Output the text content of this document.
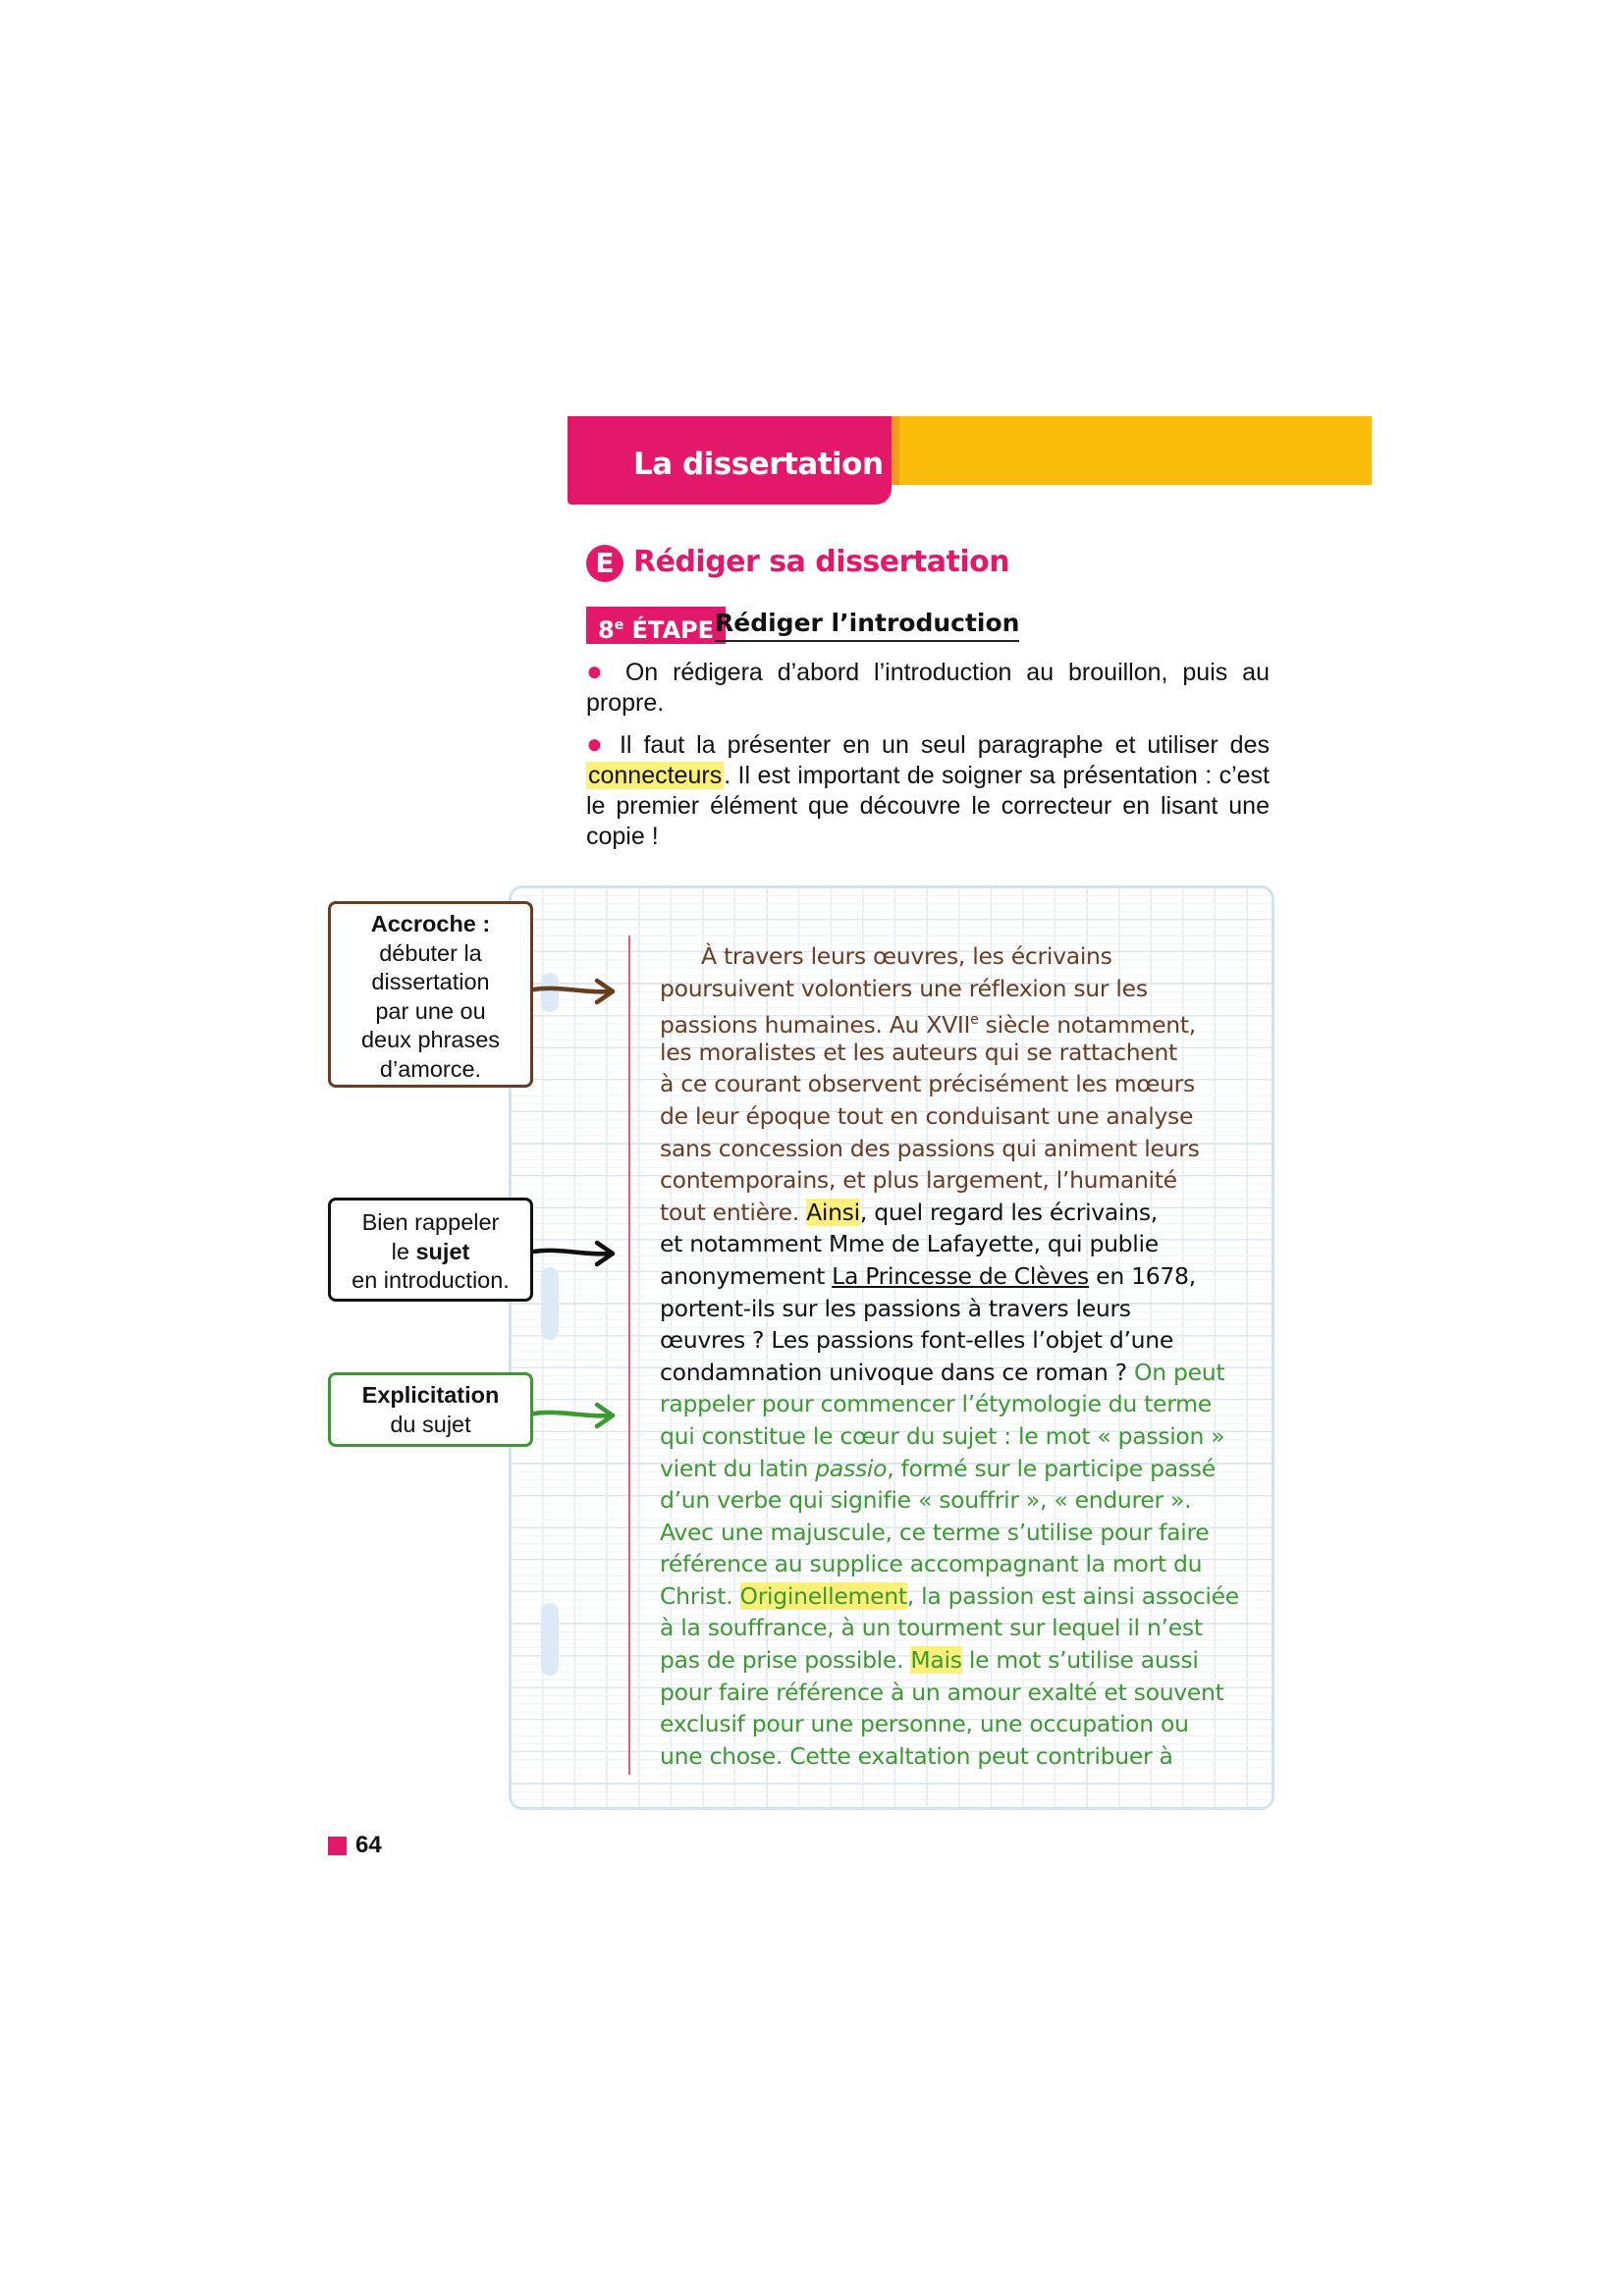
La dissertation
E Rédiger sa dissertation
8e ÉTAPE Rédiger l’introduction

● On rédigera d’abord l’introduction au brouillon, puis au propre.

● Il faut la présenter en un seul paragraphe et utiliser des connecteurs. Il est important de soigner sa présentation : c’est le premier élément que découvre le correcteur en lisant une copie !

À travers leurs œuvres, les écrivains
poursuivent volontiers une réflexion sur les
passions humaines. Au XVIIe siècle notamment,
les moralistes et les auteurs qui se rattachent
à ce courant observent précisément les mœurs
de leur époque tout en conduisant une analyse
sans concession des passions qui animent leurs
contemporains, et plus largement, l’humanité
tout entière. Ainsi, quel regard les écrivains,
et notamment Mme de Lafayette, qui publie
anonymement La Princesse de Clèves en 1678,
portent-ils sur les passions à travers leurs
œuvres ? Les passions font-elles l’objet d’une
condamnation univoque dans ce roman ? On peut
rappeler pour commencer l’étymologie du terme
qui constitue le cœur du sujet : le mot « passion »
vient du latin passio, formé sur le participe passé
d’un verbe qui signifie « souffrir », « endurer ».
Avec une majuscule, ce terme s’utilise pour faire
référence au supplice accompagnant la mort du
Christ. Originellement, la passion est ainsi associée
à la souffrance, à un tourment sur lequel il n’est
pas de prise possible. Mais le mot s’utilise aussi
pour faire référence à un amour exalté et souvent
exclusif pour une personne, une occupation ou
une chose. Cette exaltation peut contribuer à
Accroche :
débuter la
dissertation
par une ou
deux phrases
d’amorce.
Bien rappeler
le sujet
en introduction.
Explicitation
du sujet
64
